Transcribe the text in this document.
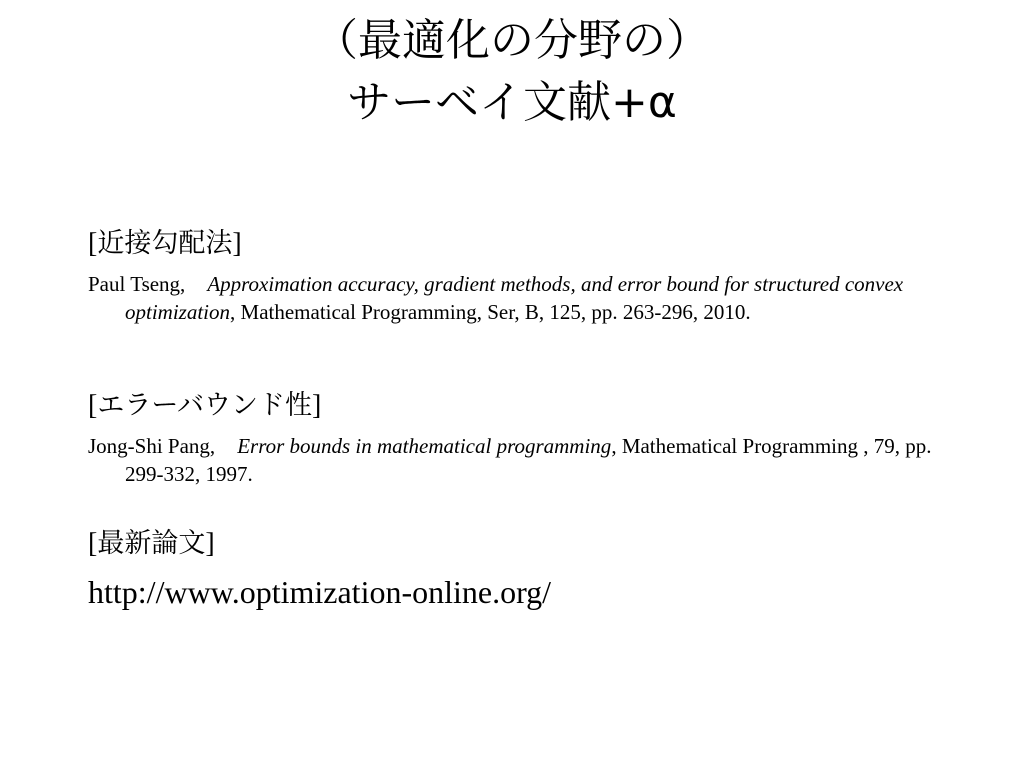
（最適化の分野の）
サーベイ文献+α
[近接勾配法]

Paul Tseng, Approximation accuracy, gradient methods, and error bound for structured convex optimization, Mathematical Programming, Ser, B, 125, pp. 263-296, 2010.

[エラーバウンド性]

Jong-Shi Pang, Error bounds in mathematical programming, Mathematical Programming , 79, pp. 299-332, 1997.

[最新論文]
http://www.optimization-online.org/
